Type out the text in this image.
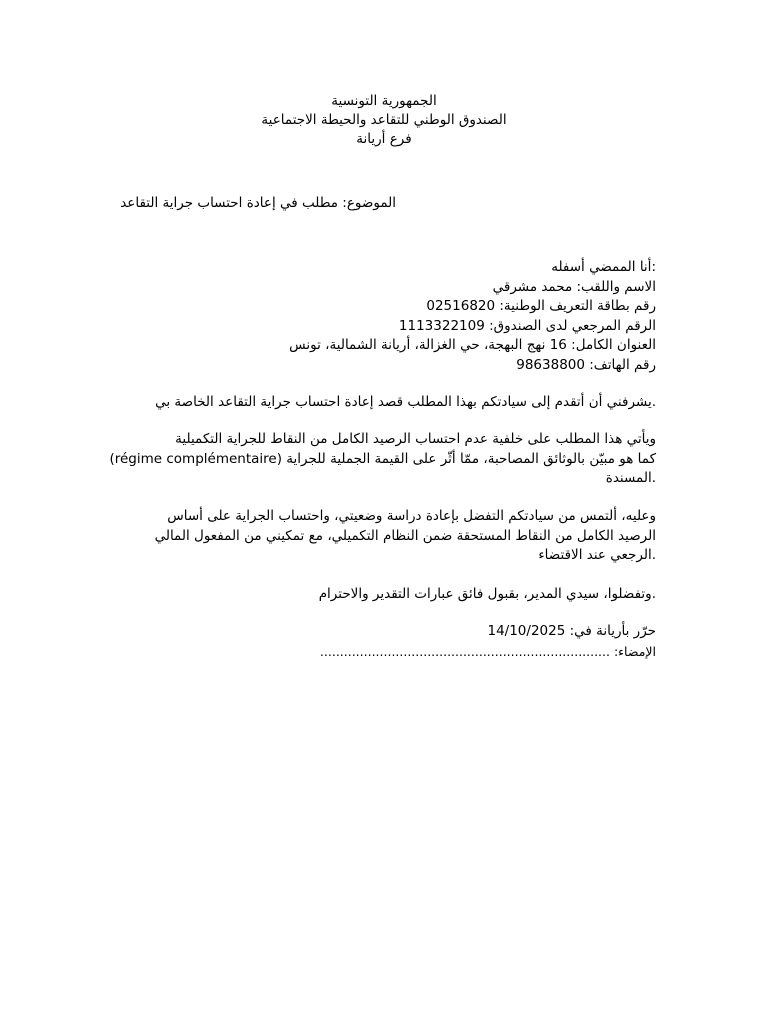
الجمهورية التونسية
الصندوق الوطني للتقاعد والحيطة الاجتماعية
فرع أريانة
الموضوع: مطلب في إعادة احتساب جراية التقاعد
:أنا الممضي أسفله
الاسم واللقب: محمد مشرقي
رقم بطاقة التعريف الوطنية: 02516820
الرقم المرجعي لدى الصندوق: 1113322109
العنوان الكامل: 16 نهج البهجة، حي الغزالة، أريانة الشمالية، تونس
رقم الهاتف: 98638800
.يشرفني أن أتقدم إلى سيادتكم بهذا المطلب قصد إعادة احتساب جراية التقاعد الخاصة بي
ويأتي هذا المطلب على خلفية عدم احتساب الرصيد الكامل من النقاط للجراية التكميلية
كما هو مبيّن بالوثائق المصاحبة، ممّا أثّر على القيمة الجملية للجراية (régime complémentaire)
.المسندة
وعليه، ألتمس من سيادتكم التفضل بإعادة دراسة وضعيتي، واحتساب الجراية على أساس
الرصيد الكامل من النقاط المستحقة ضمن النظام التكميلي، مع تمكيني من المفعول المالي
.الرجعي عند الاقتضاء
.وتفضلوا، سيدي المدير، بقبول فائق عبارات التقدير والاحترام
حرّر بأريانة في: 14/10/2025
الإمضاء: .........................................................................
